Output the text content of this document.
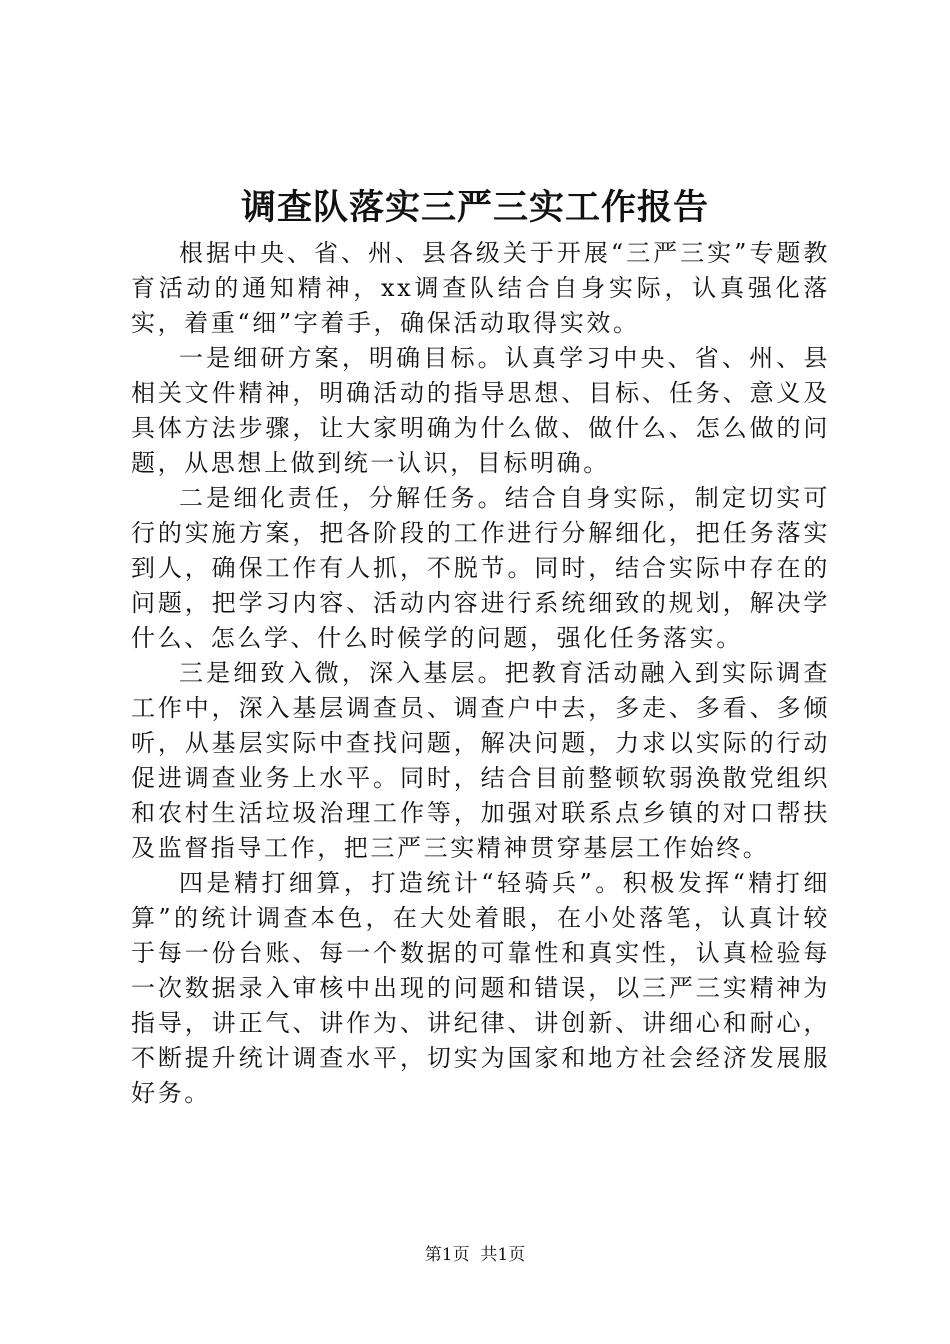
调查队落实三严三实工作报告

根据中央、省、州、县各级关于开展“三严三实”专题教育活动的通知精神，xx调查队结合自身实际，认真强化落实，着重“细”字着手，确保活动取得实效。

一是细研方案，明确目标。认真学习中央、省、州、县相关文件精神，明确活动的指导思想、目标、任务、意义及具体方法步骤，让大家明确为什么做、做什么、怎么做的问题，从思想上做到统一认识，目标明确。

二是细化责任，分解任务。结合自身实际，制定切实可行的实施方案，把各阶段的工作进行分解细化，把任务落实到人，确保工作有人抓，不脱节。同时，结合实际中存在的问题，把学习内容、活动内容进行系统细致的规划，解决学什么、怎么学、什么时候学的问题，强化任务落实。

三是细致入微，深入基层。把教育活动融入到实际调查工作中，深入基层调查员、调查户中去，多走、多看、多倾听，从基层实际中查找问题，解决问题，力求以实际的行动促进调查业务上水平。同时，结合目前整顿软弱涣散党组织和农村生活垃圾治理工作等，加强对联系点乡镇的对口帮扶及监督指导工作，把三严三实精神贯穿基层工作始终。

四是精打细算，打造统计“轻骑兵”。积极发挥“精打细算”的统计调查本色，在大处着眼，在小处落笔，认真计较于每一份台账、每一个数据的可靠性和真实性，认真检验每一次数据录入审核中出现的问题和错误，以三严三实精神为指导，讲正气、讲作为、讲纪律、讲创新、讲细心和耐心，不断提升统计调查水平，切实为国家和地方社会经济发展服好务。

第1页  共1页
